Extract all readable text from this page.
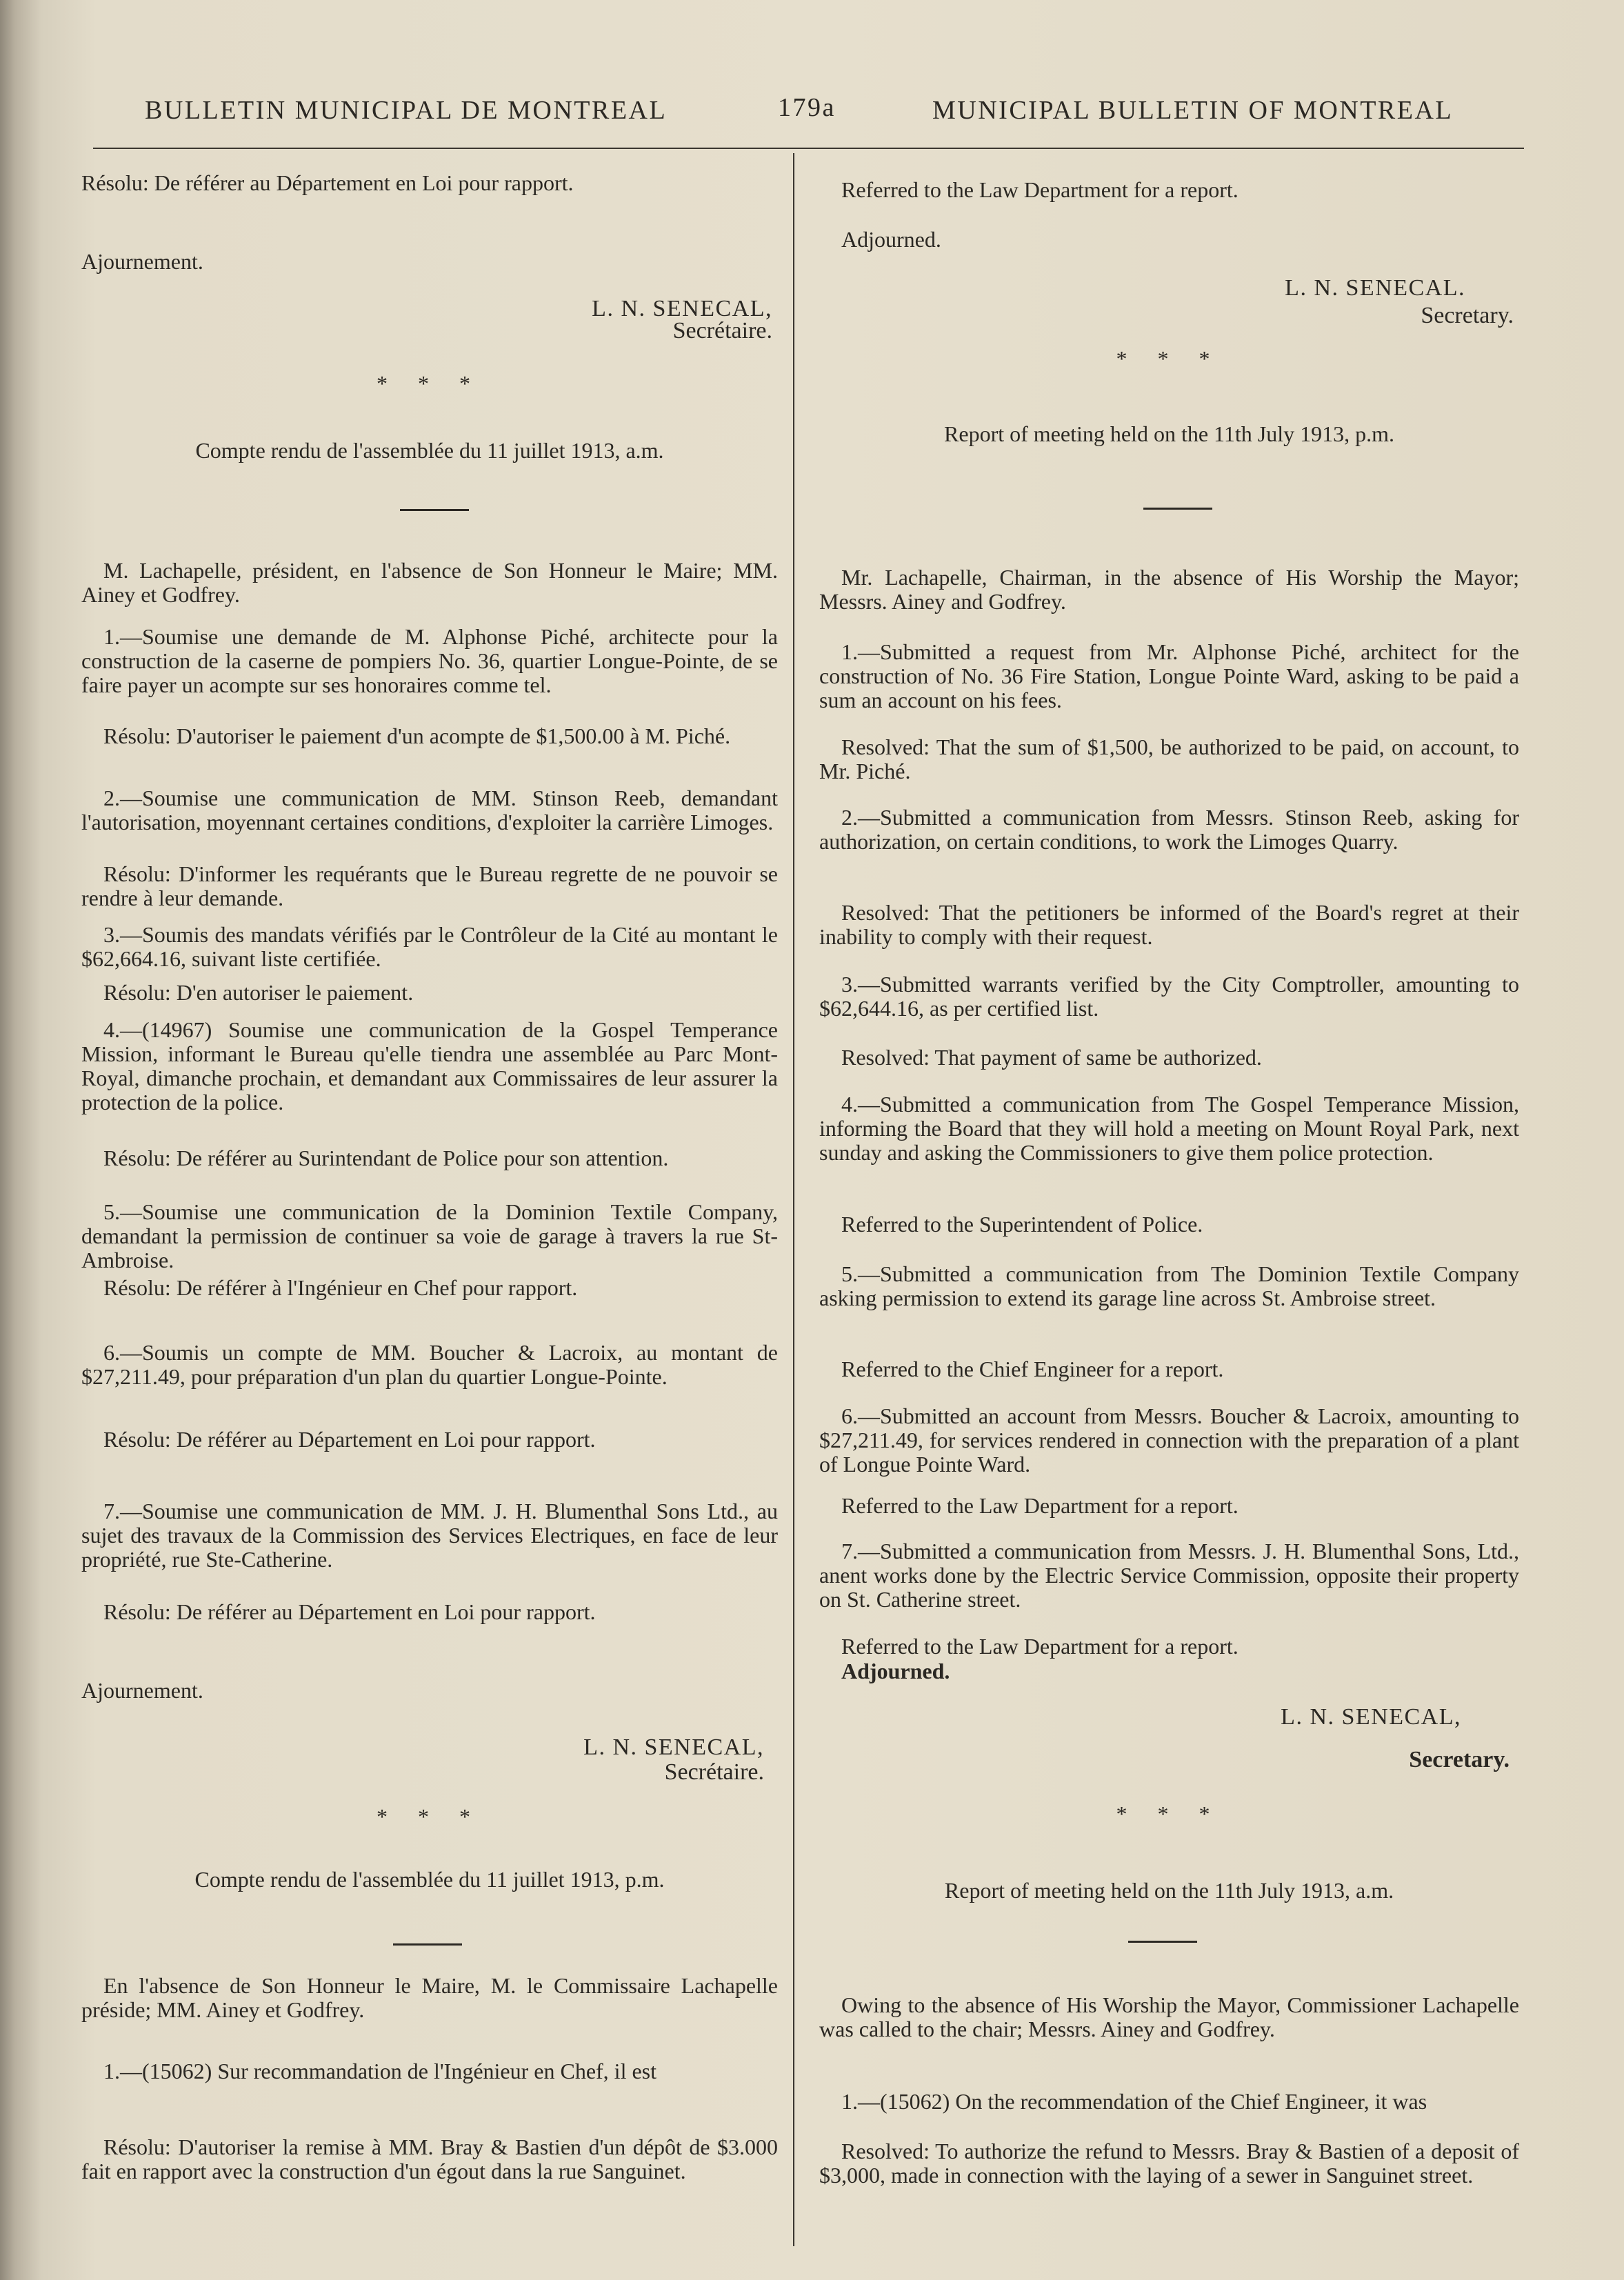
BULLETIN MUNICIPAL DE MONTREAL	179a	MUNICIPAL BULLETIN OF MONTREAL

Résolu: De référer au Département en Loi pour rapport.

Ajournement.

L. N. SENECAL,
Secrétaire.
* * *

Compte rendu de l'assemblée du 11 juillet 1913, a.m.

M. Lachapelle, président, en l'absence de Son Honneur le Maire; MM. Ainey et Godfrey.

1.—Soumise une demande de M. Alphonse Piché, architecte pour la construction de la caserne de pompiers No. 36, quartier Longue-Pointe, de se faire payer un acompte sur ses honoraires comme tel.

Résolu: D'autoriser le paiement d'un acompte de $1,500.00 à M. Piché.

2.—Soumise une communication de MM. Stinson Reeb, demandant l'autorisation, moyennant certaines conditions, d'exploiter la carrière Limoges.

Résolu: D'informer les requérants que le Bureau regrette de ne pouvoir se rendre à leur demande.

3.—Soumis des mandats vérifiés par le Contrôleur de la Cité au montant le $62,664.16, suivant liste certifiée.

Résolu: D'en autoriser le paiement.

4.—(14967) Soumise une communication de la Gospel Temperance Mission, informant le Bureau qu'elle tiendra une assemblée au Parc Mont-Royal, dimanche prochain, et demandant aux Commissaires de leur assurer la protection de la police.

Résolu: De référer au Surintendant de Police pour son attention.

5.—Soumise une communication de la Dominion Textile Company, demandant la permission de continuer sa voie de garage à travers la rue St-Ambroise.

Résolu: De référer à l'Ingénieur en Chef pour rapport.

6.—Soumis un compte de MM. Boucher & Lacroix, au montant de $27,211.49, pour préparation d'un plan du quartier Longue-Pointe.

Résolu: De référer au Département en Loi pour rapport.

7.—Soumise une communication de MM. J. H. Blumenthal Sons Ltd., au sujet des travaux de la Commission des Services Electriques, en face de leur propriété, rue Ste-Catherine.

Résolu: De référer au Département en Loi pour rapport.

Ajournement.

L. N. SENECAL,
Secrétaire.
* * *

Compte rendu de l'assemblée du 11 juillet 1913, p.m.

En l'absence de Son Honneur le Maire, M. le Commissaire Lachapelle préside; MM. Ainey et Godfrey.

1.—(15062) Sur recommandation de l'Ingénieur en Chef, il est

Résolu: D'autoriser la remise à MM. Bray & Bastien d'un dépôt de $3.000 fait en rapport avec la construction d'un égout dans la rue Sanguinet.

Referred to the Law Department for a report.

Adjourned.

L. N. SENECAL.
Secretary.
* * *

Report of meeting held on the 11th July 1913, p.m.

Mr. Lachapelle, Chairman, in the absence of His Worship the Mayor; Messrs. Ainey and Godfrey.

1.—Submitted a request from Mr. Alphonse Piché, architect for the construction of No. 36 Fire Station, Longue Pointe Ward, asking to be paid a sum an account on his fees.

Resolved: That the sum of $1,500, be authorized to be paid, on account, to Mr. Piché.

2.—Submitted a communication from Messrs. Stinson Reeb, asking for authorization, on certain conditions, to work the Limoges Quarry.

Resolved: That the petitioners be informed of the Board's regret at their inability to comply with their request.

3.—Submitted warrants verified by the City Comptroller, amounting to $62,644.16, as per certified list.

Resolved: That payment of same be authorized.

4.—Submitted a communication from The Gospel Temperance Mission, informing the Board that they will hold a meeting on Mount Royal Park, next sunday and asking the Commissioners to give them police protection.

Referred to the Superintendent of Police.

5.—Submitted a communication from The Dominion Textile Company asking permission to extend its garage line across St. Ambroise street.

Referred to the Chief Engineer for a report.

6.—Submitted an account from Messrs. Boucher & Lacroix, amounting to $27,211.49, for services rendered in connection with the preparation of a plant of Longue Pointe Ward.

Referred to the Law Department for a report.

7.—Submitted a communication from Messrs. J. H. Blumenthal Sons, Ltd., anent works done by the Electric Service Commission, opposite their property on St. Catherine street.

Referred to the Law Department for a report.

Adjourned.

L. N. SENECAL,
Secretary.
* * *

Report of meeting held on the 11th July 1913, a.m.

Owing to the absence of His Worship the Mayor, Commissioner Lachapelle was called to the chair; Messrs. Ainey and Godfrey.

1.—(15062) On the recommendation of the Chief Engineer, it was

Resolved: To authorize the refund to Messrs. Bray & Bastien of a deposit of $3,000, made in connection with the laying of a sewer in Sanguinet street.
